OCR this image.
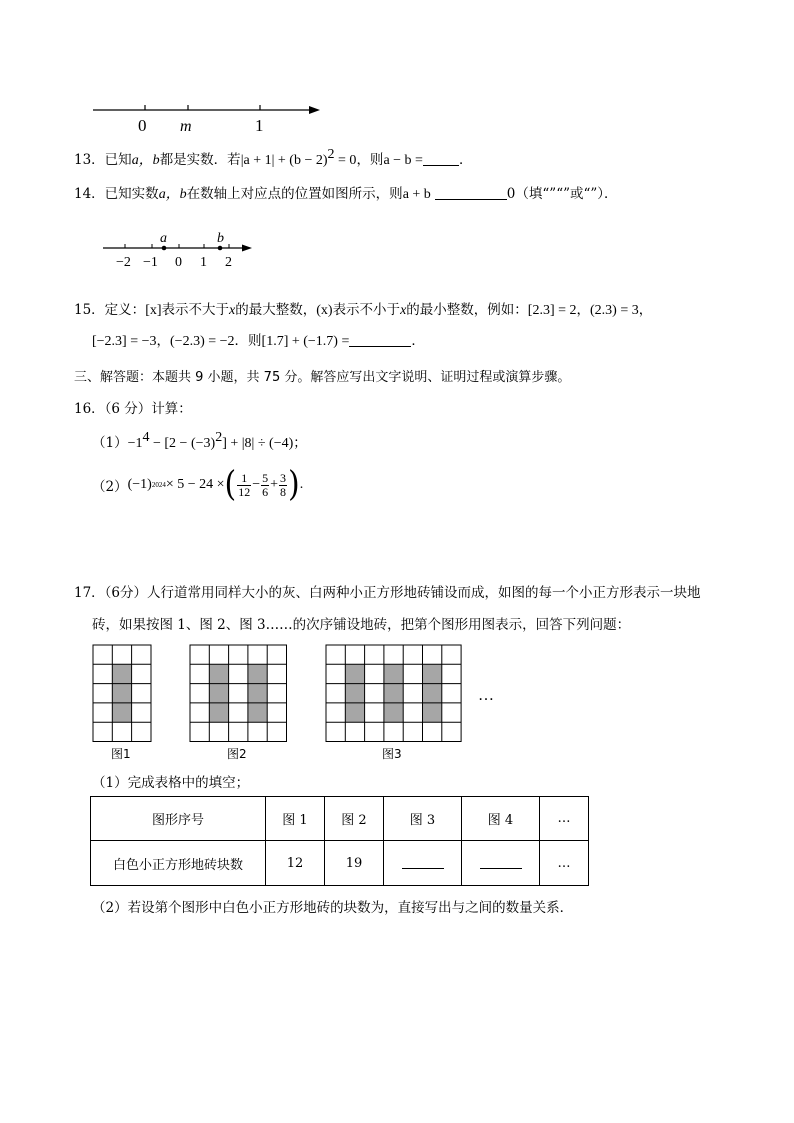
0 m	1
13．已知a，b都是实数．若$|a + 1| + (b - 2)^2 = 0$，则a − b =	．
14．已知实数a，b在数轴上对应点的位置如图所示，则a + b	0（填“”“”或“”）．
a	b
−2 −1 0 1 2
15．定义：[x]表示不大于x的最大整数，(x)表示不小于x的最小整数，例如：[2.3] = 2，(2.3) = 3，
[−2.3] = −3，(−2.3) = −2．则[1.7] + (−1.7) =	．
三、解答题：本题共 9 小题，共 75 分。解答应写出文字说明、证明过程或演算步骤。
16．（6 分）计算：
$(1)-1^4 - [2 - (-3)^2] + |8| \div (-4)$；
（2） (−1) 2024 × 5 − 24 × ( $\frac{1}{12} - \frac{5}{6} + \frac{3}{8}$ ) .
17．（6分）人行道常用同样大小的灰、白两种小正方形地砖铺设而成，如图的每一个小正方形表示一块地
砖，如果按图 1、图 2、图 3……的次序铺设地砖，把第个图形用图表示，回答下列问题：
…
图1	图2	图3
（1）完成表格中的填空；
图形序号	图 1	图 2	图 3	图 4	…
白色小正方形地砖块数	12	19			…
（2）若设第个图形中白色小正方形地砖的块数为，直接写出与之间的数量关系．
